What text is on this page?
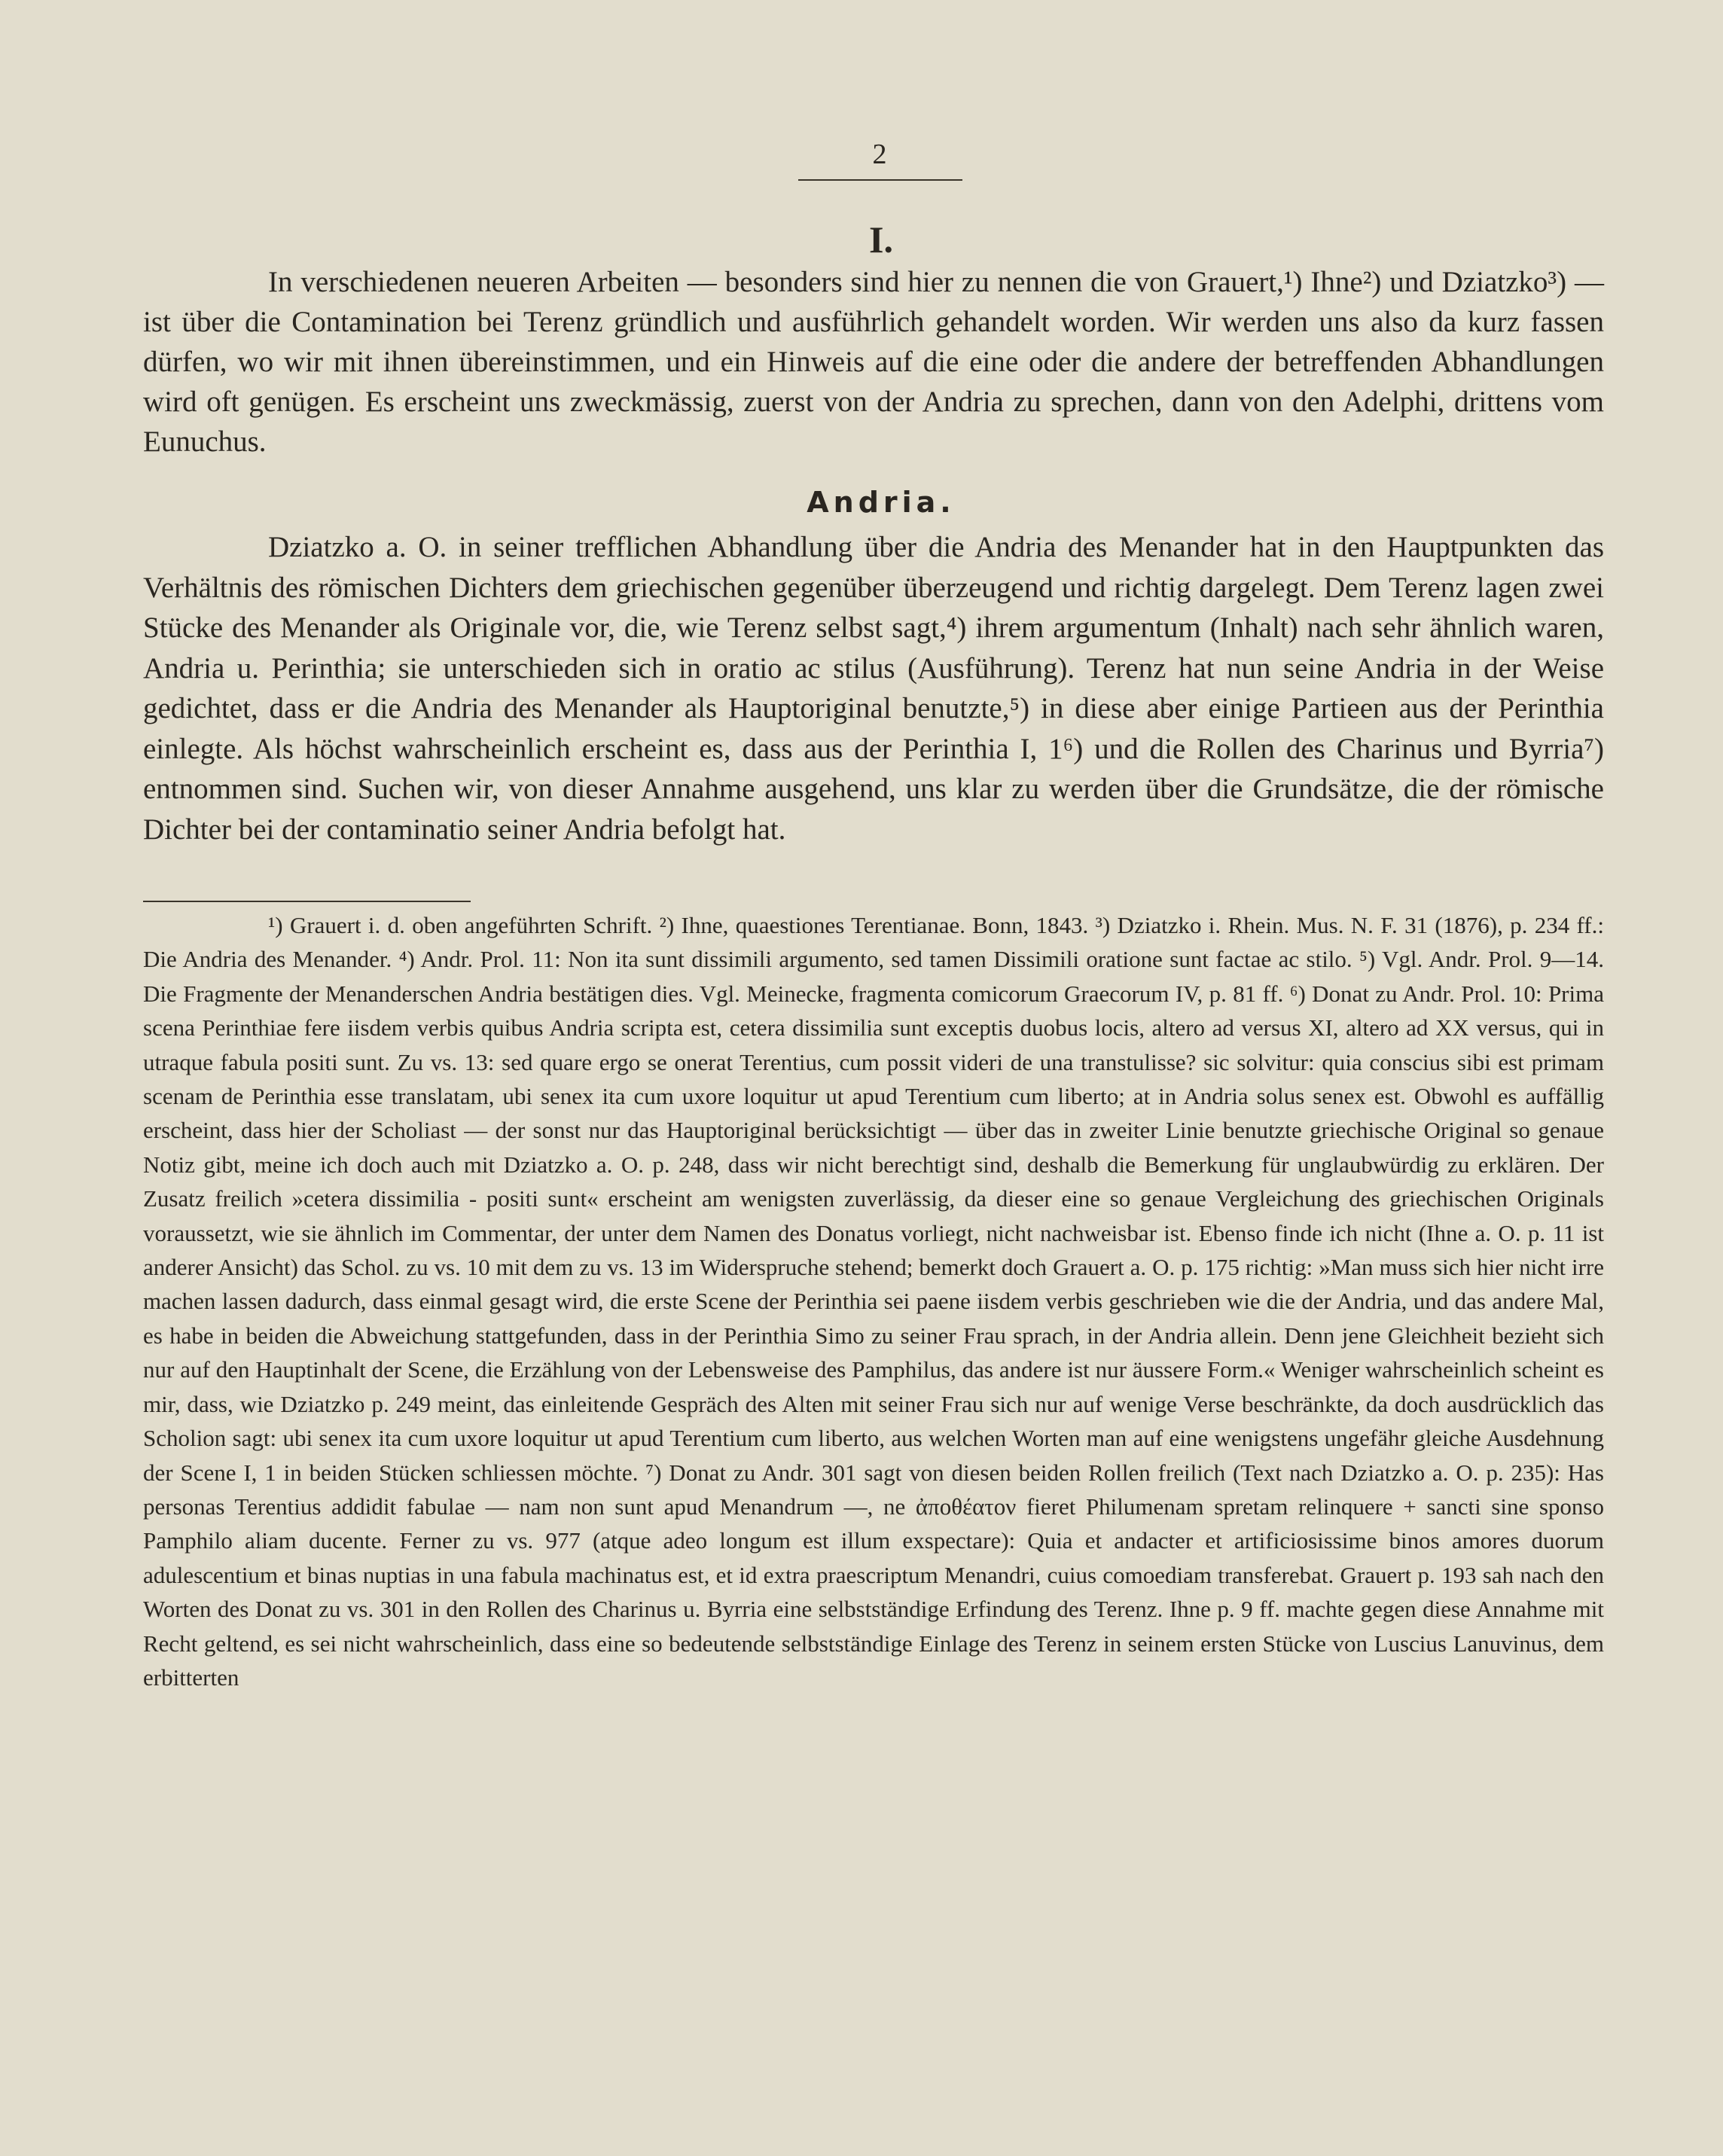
2
I.

In verschiedenen neueren Arbeiten — besonders sind hier zu nennen die von Grauert,¹) Ihne²) und Dziatzko³) — ist über die Contamination bei Terenz gründlich und ausführlich gehandelt worden. Wir werden uns also da kurz fassen dürfen, wo wir mit ihnen übereinstimmen, und ein Hinweis auf die eine oder die andere der betreffenden Abhandlungen wird oft genügen. Es erscheint uns zweckmässig, zuerst von der Andria zu sprechen, dann von den Adelphi, drittens vom Eunuchus.

Andria.

Dziatzko a. O. in seiner trefflichen Abhandlung über die Andria des Menander hat in den Hauptpunkten das Verhältnis des römischen Dichters dem griechischen gegenüber überzeugend und richtig dargelegt. Dem Terenz lagen zwei Stücke des Menander als Originale vor, die, wie Terenz selbst sagt,⁴) ihrem argumentum (Inhalt) nach sehr ähnlich waren, Andria u. Perinthia; sie unterschieden sich in oratio ac stilus (Ausführung). Terenz hat nun seine Andria in der Weise gedichtet, dass er die Andria des Menander als Hauptoriginal benutzte,⁵) in diese aber einige Partieen aus der Perinthia einlegte. Als höchst wahrscheinlich erscheint es, dass aus der Perinthia I, 1⁶) und die Rollen des Charinus und Byrria⁷) entnommen sind. Suchen wir, von dieser Annahme ausgehend, uns klar zu werden über die Grundsätze, die der römische Dichter bei der contaminatio seiner Andria befolgt hat.

¹) Grauert i. d. oben angeführten Schrift. ²) Ihne, quaestiones Terentianae. Bonn, 1843. ³) Dziatzko i. Rhein. Mus. N. F. 31 (1876), p. 234 ff.: Die Andria des Menander. ⁴) Andr. Prol. 11: Non ita sunt dissimili argumento, sed tamen Dissimili oratione sunt factae ac stilo. ⁵) Vgl. Andr. Prol. 9—14. Die Fragmente der Menanderschen Andria bestätigen dies. Vgl. Meinecke, fragmenta comicorum Graecorum IV, p. 81 ff. ⁶) Donat zu Andr. Prol. 10: Prima scena Perinthiae fere iisdem verbis quibus Andria scripta est, cetera dissimilia sunt exceptis duobus locis, altero ad versus XI, altero ad XX versus, qui in utraque fabula positi sunt. Zu vs. 13: sed quare ergo se onerat Terentius, cum possit videri de una transtulisse? sic solvitur: quia conscius sibi est primam scenam de Perinthia esse translatam, ubi senex ita cum uxore loquitur ut apud Terentium cum liberto; at in Andria solus senex est. Obwohl es auffällig erscheint, dass hier der Scholiast — der sonst nur das Hauptoriginal berücksichtigt — über das in zweiter Linie benutzte griechische Original so genaue Notiz gibt, meine ich doch auch mit Dziatzko a. O. p. 248, dass wir nicht berechtigt sind, deshalb die Bemerkung für unglaubwürdig zu erklären. Der Zusatz freilich »cetera dissimilia - positi sunt« erscheint am wenigsten zuverlässig, da dieser eine so genaue Vergleichung des griechischen Originals voraussetzt, wie sie ähnlich im Commentar, der unter dem Namen des Donatus vorliegt, nicht nachweisbar ist. Ebenso finde ich nicht (Ihne a. O. p. 11 ist anderer Ansicht) das Schol. zu vs. 10 mit dem zu vs. 13 im Widerspruche stehend; bemerkt doch Grauert a. O. p. 175 richtig: »Man muss sich hier nicht irre machen lassen dadurch, dass einmal gesagt wird, die erste Scene der Perinthia sei paene iisdem verbis geschrieben wie die der Andria, und das andere Mal, es habe in beiden die Abweichung stattgefunden, dass in der Perinthia Simo zu seiner Frau sprach, in der Andria allein. Denn jene Gleichheit bezieht sich nur auf den Hauptinhalt der Scene, die Erzählung von der Lebensweise des Pamphilus, das andere ist nur äussere Form.« Weniger wahrscheinlich scheint es mir, dass, wie Dziatzko p. 249 meint, das einleitende Gespräch des Alten mit seiner Frau sich nur auf wenige Verse beschränkte, da doch ausdrücklich das Scholion sagt: ubi senex ita cum uxore loquitur ut apud Terentium cum liberto, aus welchen Worten man auf eine wenigstens ungefähr gleiche Ausdehnung der Scene I, 1 in beiden Stücken schliessen möchte. ⁷) Donat zu Andr. 301 sagt von diesen beiden Rollen freilich (Text nach Dziatzko a. O. p. 235): Has personas Terentius addidit fabulae — nam non sunt apud Menandrum —, ne ἀποθέατον fieret Philumenam spretam relinquere + sancti sine sponso Pamphilo aliam ducente. Ferner zu vs. 977 (atque adeo longum est illum exspectare): Quia et andacter et artificiosissime binos amores duorum adulescentium et binas nuptias in una fabula machinatus est, et id extra praescriptum Menandri, cuius comoediam transferebat. Grauert p. 193 sah nach den Worten des Donat zu vs. 301 in den Rollen des Charinus u. Byrria eine selbstständige Erfindung des Terenz. Ihne p. 9 ff. machte gegen diese Annahme mit Recht geltend, es sei nicht wahrscheinlich, dass eine so bedeutende selbstständige Einlage des Terenz in seinem ersten Stücke von Luscius Lanuvinus, dem erbitterten
